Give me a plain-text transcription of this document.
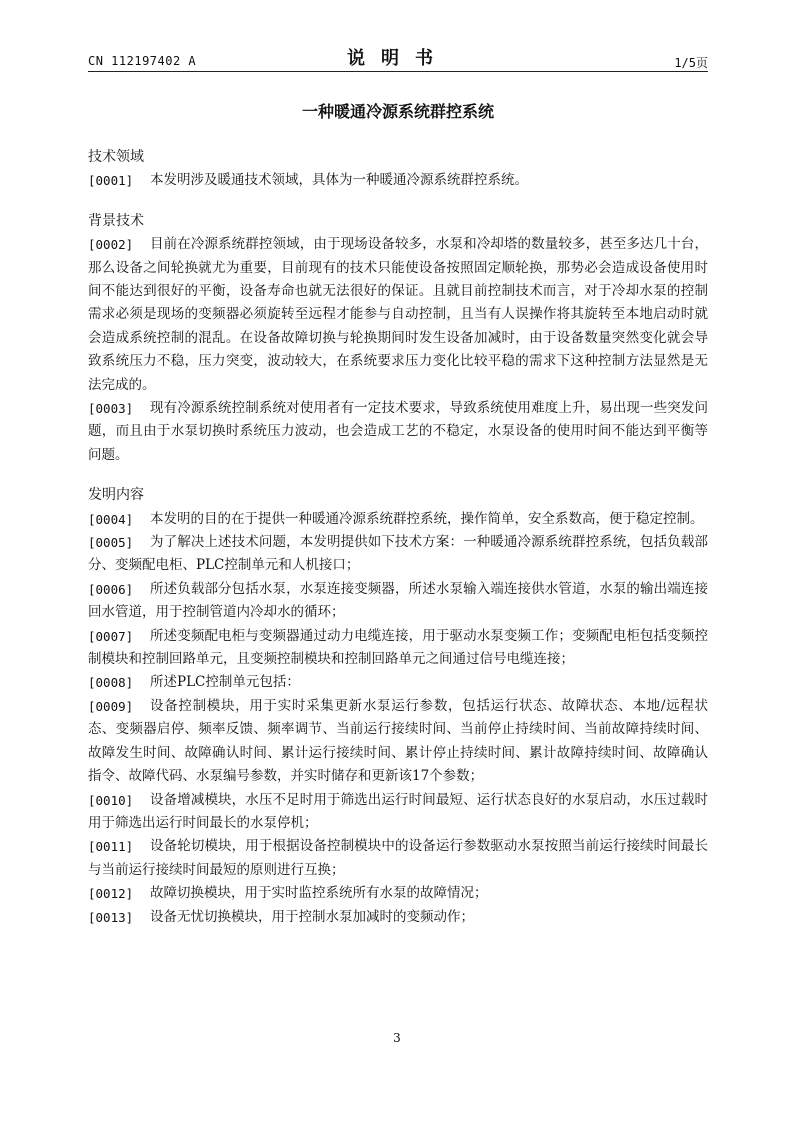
CN 112197402 A	说明书	1/5页
一种暖通冷源系统群控系统
技术领域
[0001] 本发明涉及暖通技术领域，具体为一种暖通冷源系统群控系统。
背景技术
[0002] 目前在冷源系统群控领域，由于现场设备较多，水泵和冷却塔的数量较多，甚至多达几十台，那么设备之间轮换就尤为重要，目前现有的技术只能使设备按照固定顺轮换，那势必会造成设备使用时间不能达到很好的平衡，设备寿命也就无法很好的保证。且就目前控制技术而言，对于冷却水泵的控制需求必须是现场的变频器必须旋转至远程才能参与自动控制，且当有人误操作将其旋转至本地启动时就会造成系统控制的混乱。在设备故障切换与轮换期间时发生设备加减时，由于设备数量突然变化就会导致系统压力不稳，压力突变，波动较大，在系统要求压力变化比较平稳的需求下这种控制方法显然是无法完成的。
[0003] 现有冷源系统控制系统对使用者有一定技术要求，导致系统使用难度上升，易出现一些突发问题，而且由于水泵切换时系统压力波动，也会造成工艺的不稳定，水泵设备的使用时间不能达到平衡等问题。
发明内容
[0004] 本发明的目的在于提供一种暖通冷源系统群控系统，操作简单，安全系数高，便于稳定控制。
[0005] 为了解决上述技术问题，本发明提供如下技术方案：一种暖通冷源系统群控系统，包括负载部分、变频配电柜、PLC控制单元和人机接口；
[0006] 所述负载部分包括水泵，水泵连接变频器，所述水泵输入端连接供水管道，水泵的输出端连接回水管道，用于控制管道内冷却水的循环；
[0007] 所述变频配电柜与变频器通过动力电缆连接，用于驱动水泵变频工作；变频配电柜包括变频控制模块和控制回路单元，且变频控制模块和控制回路单元之间通过信号电缆连接；
[0008] 所述PLC控制单元包括：
[0009] 设备控制模块，用于实时采集更新水泵运行参数，包括运行状态、故障状态、本地/远程状态、变频器启停、频率反馈、频率调节、当前运行接续时间、当前停止持续时间、当前故障持续时间、故障发生时间、故障确认时间、累计运行接续时间、累计停止持续时间、累计故障持续时间、故障确认指令、故障代码、水泵编号参数，并实时储存和更新该17个参数；
[0010] 设备增减模块，水压不足时用于筛选出运行时间最短、运行状态良好的水泵启动，水压过载时用于筛选出运行时间最长的水泵停机；
[0011] 设备轮切模块，用于根据设备控制模块中的设备运行参数驱动水泵按照当前运行接续时间最长与当前运行接续时间最短的原则进行互换；
[0012] 故障切换模块，用于实时监控系统所有水泵的故障情况；
[0013] 设备无忧切换模块，用于控制水泵加减时的变频动作；
3
